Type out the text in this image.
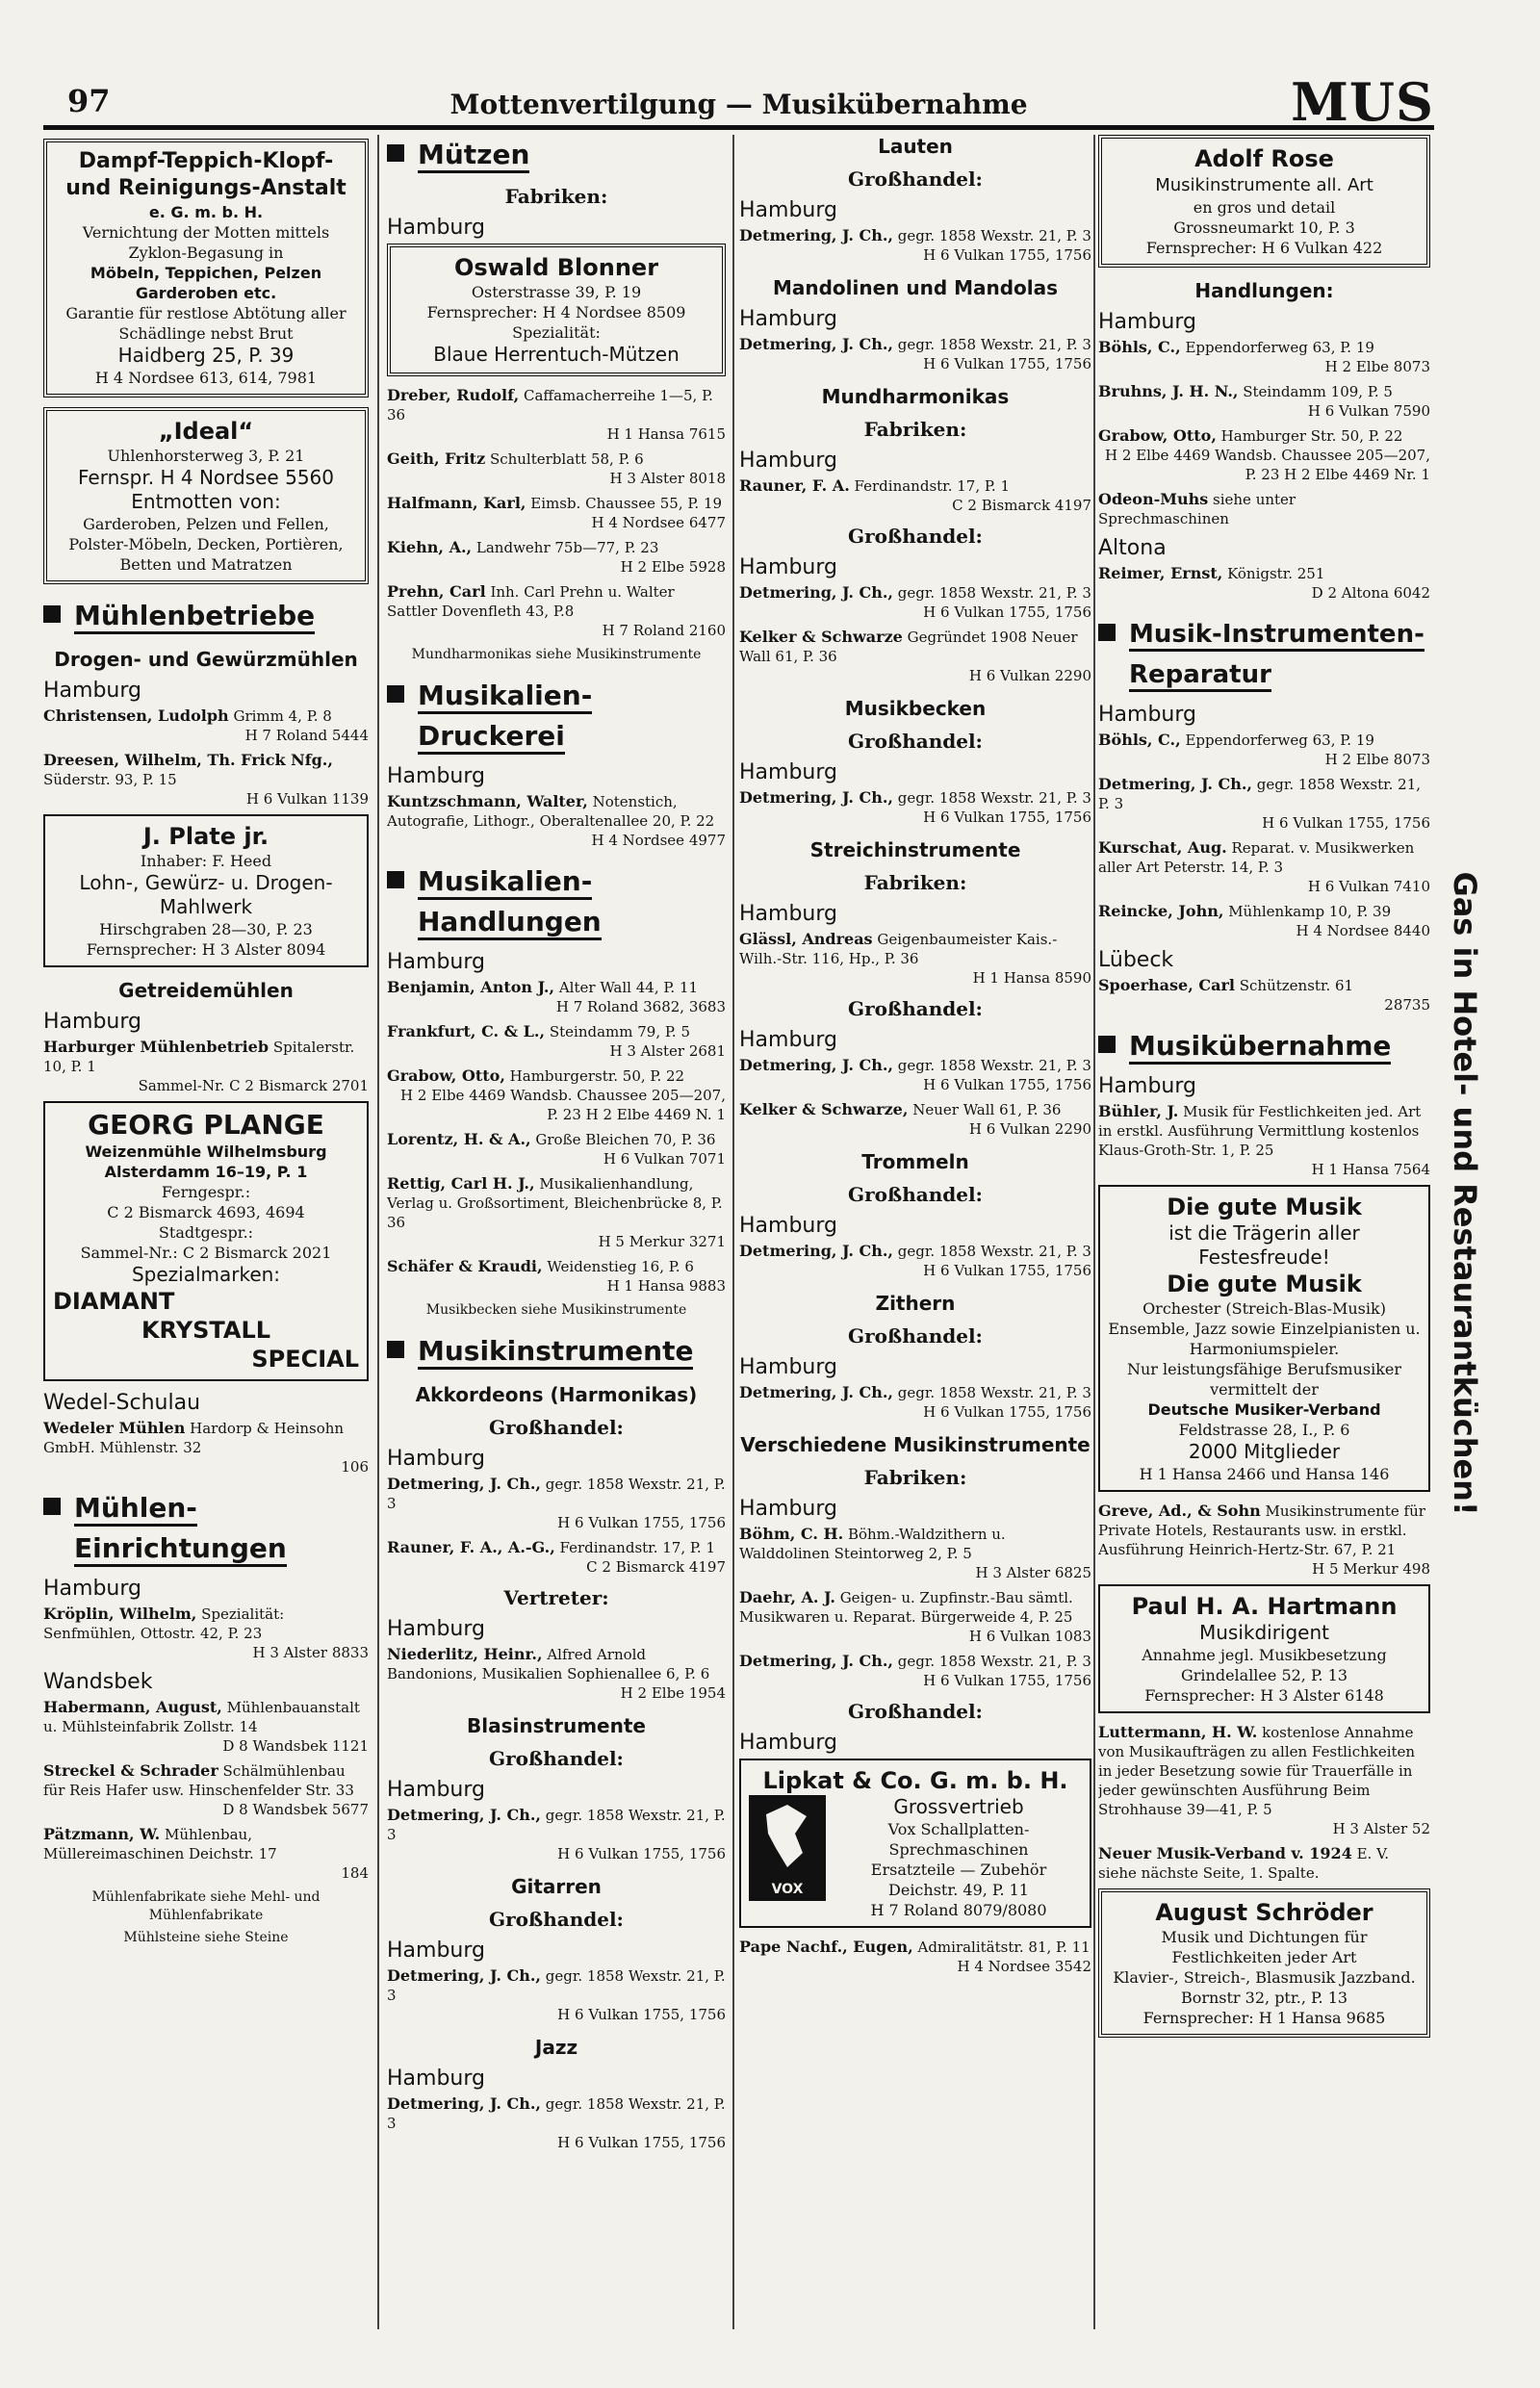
97	Mottenvertilgung — Musikübernahme	MUS
Dampf-Teppich-Klopf- und Reinigungs-Anstalt
e. G. m. b. H.
Vernichtung der Motten mittels Zyklon-Begasung in
Möbeln, Teppichen, Pelzen Garderoben etc.
Garantie für restlose Abtötung aller Schädlinge nebst Brut
Haidberg 25, P. 39
H 4 Nordsee 613, 614, 7981
„Ideal“
Uhlenhorsterweg 3, P. 21
Fernspr. H 4 Nordsee 5560
Entmotten von:
Garderoben, Pelzen und Fellen, Polster-Möbeln, Decken, Portièren, Betten und Matratzen
Mühlenbetriebe
Drogen- und Gewürzmühlen
Hamburg
Christensen, Ludolph Grimm 4, P. 8
H 7 Roland 5444
Dreesen, Wilhelm, Th. Frick Nfg., Süderstr. 93, P. 15
H 6 Vulkan 1139
J. Plate jr.
Inhaber: F. Heed
Lohn-, Gewürz- u. Drogen-Mahlwerk
Hirschgraben 28—30, P. 23
Fernsprecher: H 3 Alster 8094
Getreidemühlen
Hamburg
Harburger Mühlenbetrieb Spitalerstr. 10, P. 1
Sammel-Nr. C 2 Bismarck 2701
GEORG PLANGE
Weizenmühle Wilhelmsburg
Alsterdamm 16–19, P. 1
Ferngespr.:
C 2 Bismarck 4693, 4694
Stadtgespr.:
Sammel-Nr.: C 2 Bismarck 2021
Spezialmarken:
DIAMANT
KRYSTALL
SPECIAL
Wedel-Schulau
Wedeler Mühlen Hardorp & Heinsohn GmbH. Mühlenstr. 32
106
Mühlen-Einrichtungen
Hamburg
Kröplin, Wilhelm, Spezialität: Senfmühlen, Ottostr. 42, P. 23
H 3 Alster 8833
Wandsbek
Habermann, August, Mühlenbauanstalt u. Mühlsteinfabrik Zollstr. 14
D 8 Wandsbek 1121
Streckel & Schrader Schälmühlenbau für Reis Hafer usw. Hinschenfelder Str. 33
D 8 Wandsbek 5677
Pätzmann, W. Mühlenbau, Müllereimaschinen Deichstr. 17
184
Mühlenfabrikate siehe Mehl- und Mühlenfabrikate
Mühlsteine siehe Steine
Mützen
Fabriken:
Hamburg
Oswald Blonner
Osterstrasse 39, P. 19
Fernsprecher: H 4 Nordsee 8509
Spezialität:
Blaue Herrentuch-Mützen
Dreber, Rudolf, Caffamacherreihe 1—5, P. 36
H 1 Hansa 7615
Geith, Fritz Schulterblatt 58, P. 6
H 3 Alster 8018
Halfmann, Karl, Eimsb. Chaussee 55, P. 19
H 4 Nordsee 6477
Kiehn, A., Landwehr 75b—77, P. 23
H 2 Elbe 5928
Prehn, Carl Inh. Carl Prehn u. Walter Sattler Dovenfleth 43, P.8
H 7 Roland 2160
Mundharmonikas siehe Musikinstrumente
Musikalien-Druckerei
Hamburg
Kuntzschmann, Walter, Notenstich, Autografie, Lithogr., Oberaltenallee 20, P. 22
H 4 Nordsee 4977
Musikalien-Handlungen
Hamburg
Benjamin, Anton J., Alter Wall 44, P. 11
H 7 Roland 3682, 3683
Frankfurt, C. & L., Steindamm 79, P. 5
H 3 Alster 2681
Grabow, Otto, Hamburgerstr. 50, P. 22
H 2 Elbe 4469 Wandsb. Chaussee 205—207, P. 23 H 2 Elbe 4469 N. 1
Lorentz, H. & A., Große Bleichen 70, P. 36
H 6 Vulkan 7071
Rettig, Carl H. J., Musikalienhandlung, Verlag u. Großsortiment, Bleichenbrücke 8, P. 36
H 5 Merkur 3271
Schäfer & Kraudi, Weidenstieg 16, P. 6
H 1 Hansa 9883
Musikbecken siehe Musikinstrumente
Musikinstrumente
Akkordeons (Harmonikas)
Großhandel:
Hamburg
Detmering, J. Ch., gegr. 1858 Wexstr. 21, P. 3
H 6 Vulkan 1755, 1756
Rauner, F. A., A.-G., Ferdinandstr. 17, P. 1
C 2 Bismarck 4197
Vertreter:
Hamburg
Niederlitz, Heinr., Alfred Arnold Bandonions, Musikalien Sophienallee 6, P. 6
H 2 Elbe 1954
Blasinstrumente
Großhandel:
Hamburg
Detmering, J. Ch., gegr. 1858 Wexstr. 21, P. 3
H 6 Vulkan 1755, 1756
Gitarren
Großhandel:
Hamburg
Detmering, J. Ch., gegr. 1858 Wexstr. 21, P. 3
H 6 Vulkan 1755, 1756
Jazz
Hamburg
Detmering, J. Ch., gegr. 1858 Wexstr. 21, P. 3
H 6 Vulkan 1755, 1756
Lauten
Großhandel:
Hamburg
Detmering, J. Ch., gegr. 1858 Wexstr. 21, P. 3
H 6 Vulkan 1755, 1756
Mandolinen und Mandolas
Hamburg
Detmering, J. Ch., gegr. 1858 Wexstr. 21, P. 3
H 6 Vulkan 1755, 1756
Mundharmonikas
Fabriken:
Hamburg
Rauner, F. A. Ferdinandstr. 17, P. 1
C 2 Bismarck 4197
Großhandel:
Hamburg
Detmering, J. Ch., gegr. 1858 Wexstr. 21, P. 3
H 6 Vulkan 1755, 1756
Kelker & Schwarze Gegründet 1908 Neuer Wall 61, P. 36
H 6 Vulkan 2290
Musikbecken
Großhandel:
Hamburg
Detmering, J. Ch., gegr. 1858 Wexstr. 21, P. 3
H 6 Vulkan 1755, 1756
Streichinstrumente
Fabriken:
Hamburg
Glässl, Andreas Geigenbaumeister Kais.-Wilh.-Str. 116, Hp., P. 36
H 1 Hansa 8590
Großhandel:
Hamburg
Detmering, J. Ch., gegr. 1858 Wexstr. 21, P. 3
H 6 Vulkan 1755, 1756
Kelker & Schwarze, Neuer Wall 61, P. 36
H 6 Vulkan 2290
Trommeln
Großhandel:
Hamburg
Detmering, J. Ch., gegr. 1858 Wexstr. 21, P. 3
H 6 Vulkan 1755, 1756
Zithern
Großhandel:
Hamburg
Detmering, J. Ch., gegr. 1858 Wexstr. 21, P. 3
H 6 Vulkan 1755, 1756
Verschiedene Musikinstrumente
Fabriken:
Hamburg
Böhm, C. H. Böhm.-Waldzithern u. Walddolinen Steintorweg 2, P. 5
H 3 Alster 6825
Daehr, A. J. Geigen- u. Zupfinstr.-Bau sämtl. Musikwaren u. Reparat. Bürgerweide 4, P. 25
H 6 Vulkan 1083
Detmering, J. Ch., gegr. 1858 Wexstr. 21, P. 3
H 6 Vulkan 1755, 1756
Großhandel:
Hamburg
Lipkat & Co. G. m. b. H.
VOX
Grossvertrieb
Vox Schallplatten-Sprechmaschinen
Ersatzteile — Zubehör
Deichstr. 49, P. 11
H 7 Roland 8079/8080
Pape Nachf., Eugen, Admiralitätstr. 81, P. 11
H 4 Nordsee 3542
Adolf Rose
Musikinstrumente all. Art
en gros und detail
Grossneumarkt 10, P. 3
Fernsprecher: H 6 Vulkan 422
Handlungen:
Hamburg
Böhls, C., Eppendorferweg 63, P. 19
H 2 Elbe 8073
Bruhns, J. H. N., Steindamm 109, P. 5
H 6 Vulkan 7590
Grabow, Otto, Hamburger Str. 50, P. 22
H 2 Elbe 4469 Wandsb. Chaussee 205—207, P. 23 H 2 Elbe 4469 Nr. 1
Odeon-Muhs siehe unter Sprechmaschinen
Altona
Reimer, Ernst, Königstr. 251
D 2 Altona 6042
Musik-Instrumenten-Reparatur
Hamburg
Böhls, C., Eppendorferweg 63, P. 19
H 2 Elbe 8073
Detmering, J. Ch., gegr. 1858 Wexstr. 21, P. 3
H 6 Vulkan 1755, 1756
Kurschat, Aug. Reparat. v. Musikwerken aller Art Peterstr. 14, P. 3
H 6 Vulkan 7410
Reincke, John, Mühlenkamp 10, P. 39
H 4 Nordsee 8440
Lübeck
Spoerhase, Carl Schützenstr. 61
28735
Musikübernahme
Hamburg
Bühler, J. Musik für Festlichkeiten jed. Art in erstkl. Ausführung Vermittlung kostenlos Klaus-Groth-Str. 1, P. 25
H 1 Hansa 7564
Die gute Musik
ist die Trägerin aller Festesfreude!
Die gute Musik
Orchester (Streich-Blas-Musik) Ensemble, Jazz sowie Einzelpianisten u. Harmoniumspieler.
Nur leistungsfähige Berufsmusiker vermittelt der
Deutsche Musiker-Verband
Feldstrasse 28, I., P. 6
2000 Mitglieder
H 1 Hansa 2466 und Hansa 146
Greve, Ad., & Sohn Musikinstrumente für Private Hotels, Restaurants usw. in erstkl. Ausführung Heinrich-Hertz-Str. 67, P. 21
H 5 Merkur 498
Paul H. A. Hartmann
Musikdirigent
Annahme jegl. Musikbesetzung
Grindelallee 52, P. 13
Fernsprecher: H 3 Alster 6148
Luttermann, H. W. kostenlose Annahme von Musikaufträgen zu allen Festlichkeiten in jeder Besetzung sowie für Trauerfälle in jeder gewünschten Ausführung Beim Strohhause 39—41, P. 5
H 3 Alster 52
Neuer Musik-Verband v. 1924 E. V. siehe nächste Seite, 1. Spalte.
August Schröder
Musik und Dichtungen für Festlichkeiten jeder Art
Klavier-, Streich-, Blasmusik Jazzband.
Bornstr 32, ptr., P. 13
Fernsprecher: H 1 Hansa 9685
Gas in Hotel- und Restaurantküchen!
